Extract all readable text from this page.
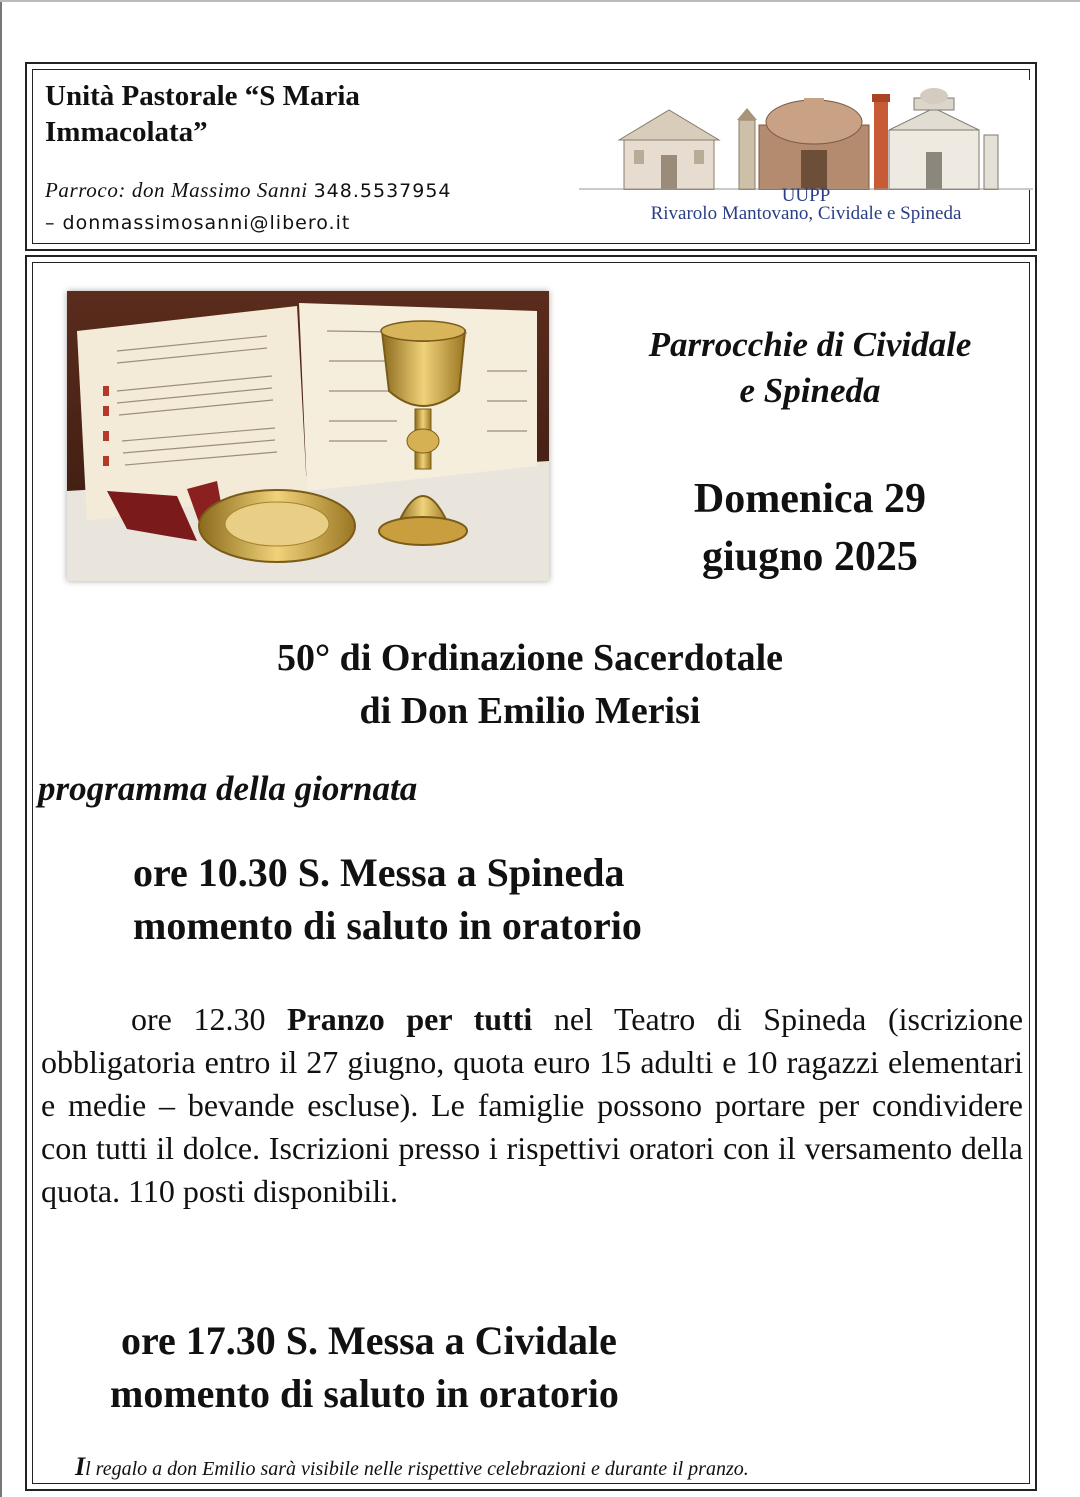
Unità Pastorale “S Maria
Immacolata”
Parroco: don Massimo Sanni 348.5537954
– donmassimosanni@libero.it
UUPP
Rivarolo Mantovano, Cividale e Spineda
Parrocchie di Cividale
e Spineda
Domenica 29
giugno 2025
50° di Ordinazione Sacerdotale
di Don Emilio Merisi
programma della giornata
ore 10.30 S. Messa a Spineda
momento di saluto in oratorio
ore 12.30 Pranzo per tutti nel Teatro di Spineda (iscrizione obbligatoria entro il 27 giugno, quota euro 15 adulti e 10 ragazzi elementari e medie – bevande escluse). Le famiglie possono portare per condividere con tutti il dolce. Iscrizioni presso i rispettivi oratori con il versamento della quota. 110 posti disponibili.
ore 17.30 S. Messa a Cividale
momento di saluto in oratorio
Il regalo a don Emilio sarà visibile nelle rispettive celebrazioni e durante il pranzo.
